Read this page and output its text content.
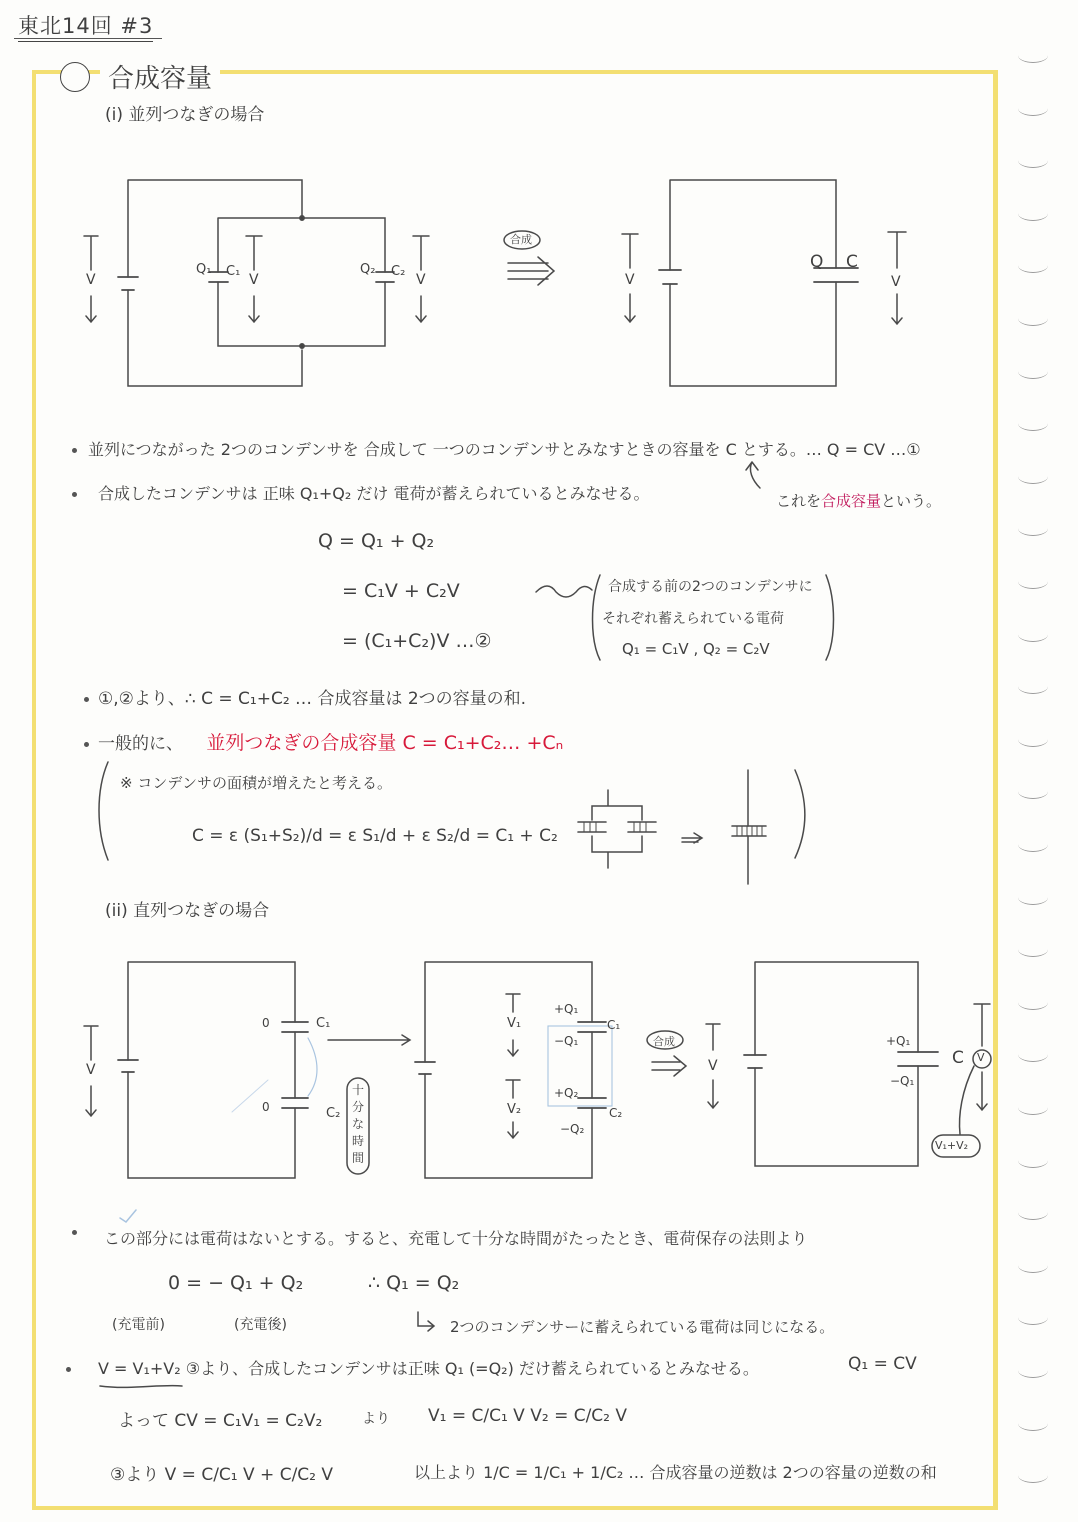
東北14回 #3
合成容量
(i) 並列つなぎの場合
V
Q₁ C₁
V
Q₂ C₂
V
合成
V
Q C
V
並列につながった 2つのコンデンサを 合成して 一つのコンデンサとみなすときの容量を C とする。… Q = CV …①
合成したコンデンサは 正味 Q₁+Q₂ だけ 電荷が蓄えられているとみなせる。	これを合成容量という。
Q = Q₁ + Q₂
= C₁V + C₂V
= (C₁+C₂)V …②
合成する前の2つのコンデンサに
それぞれ蓄えられている電荷
Q₁ = C₁V , Q₂ = C₂V
①,②より、∴ C = C₁+C₂ … 合成容量は 2つの容量の和.
一般的に、 並列つなぎの合成容量 C = C₁+C₂… +Cₙ
※ コンデンサの面積が増えたと考える。
C = ε (S₁+S₂)/d = ε S₁/d + ε S₂/d = C₁ + C₂
(ii) 直列つなぎの場合
V
0	C₁
0	C₂
十
分
な
時
間
V₁
V₂
+Q₁
C₁
−Q₁
+Q₂
C₂
−Q₂
合成
V
+Q₁
−Q₁
C V
V₁+V₂
この部分には電荷はないとする。すると、充電して十分な時間がたったとき、電荷保存の法則より
0 = − Q₁ + Q₂	∴ Q₁ = Q₂
(充電前)	(充電後)	2つのコンデンサーに蓄えられている電荷は同じになる。
V = V₁+V₂ ③より、合成したコンデンサは正味 Q₁ (=Q₂) だけ蓄えられているとみなせる。	Q₁ = CV
よって CV = C₁V₁ = C₂V₂	より V₁ = C/C₁ V V₂ = C/C₂ V
③より V = C/C₁ V + C/C₂ V	以上より 1/C = 1/C₁ + 1/C₂ … 合成容量の逆数は 2つの容量の逆数の和
